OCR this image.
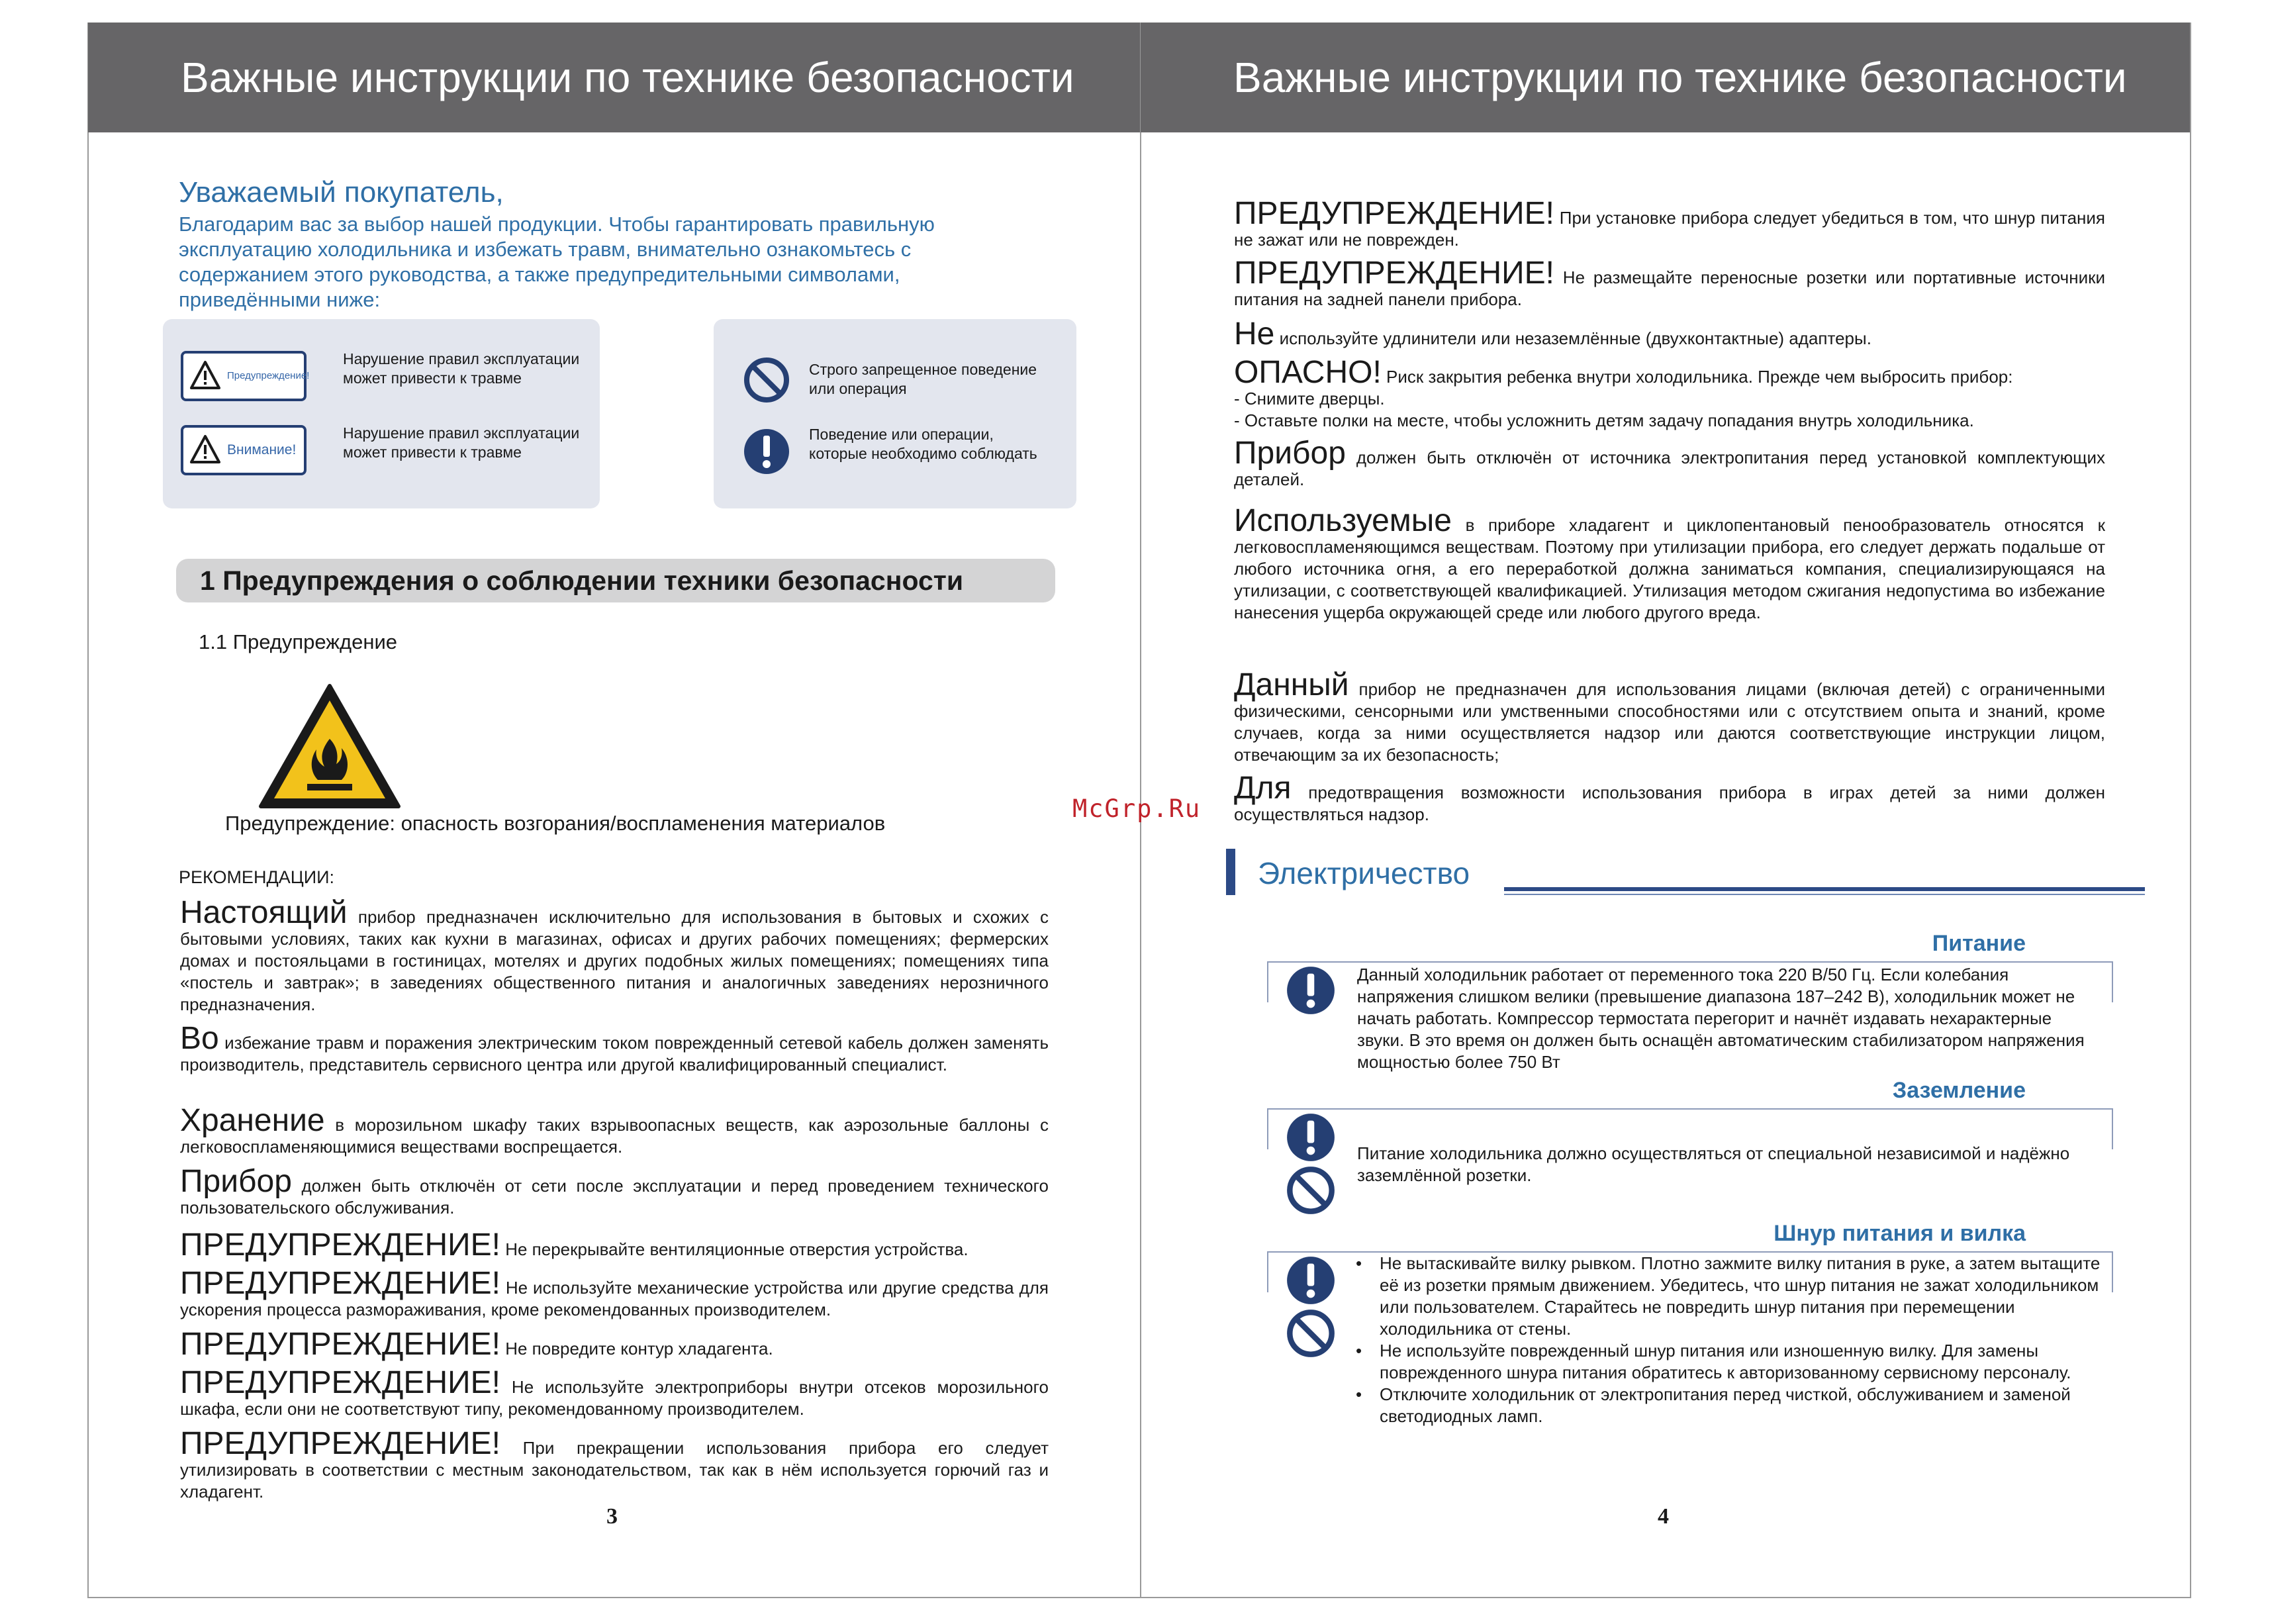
Важные инструкции по технике безопасности	Важные инструкции по технике безопасности
Уважаемый покупатель,
Благодарим вас за выбор нашей продукции. Чтобы гарантировать правильную эксплуатацию холодильника и избежать травм, внимательно ознакомьтесь с содержанием этого руководства, а также предупредительными символами, приведёнными ниже:
Предупреждение!
Нарушение правил эксплуатации может привести к травме
Внимание!
Нарушение правил эксплуатации может привести к травме
Строго запрещенное поведение или операция
Поведение или операции, которые необходимо соблюдать
1 Предупреждения о соблюдении техники безопасности
1.1 Предупреждение
Предупреждение: опасность возгорания/воспламенения материалов
РЕКОМЕНДАЦИИ:

Настоящий прибор предназначен исключительно для использования в бытовых и схожих с бытовыми условиях, таких как кухни в магазинах, офисах и других рабочих помещениях; фермерских домах и постояльцами в гостиницах, мотелях и других подобных жилых помещениях; помещениях типа «постель и завтрак»; в заведениях общественного питания и аналогичных заведениях нерозничного предназначения.

Во избежание травм и поражения электрическим током поврежденный сетевой кабель должен заменять производитель, представитель сервисного центра или другой квалифицированный специалист.

Хранение в морозильном шкафу таких взрывоопасных веществ, как аэрозольные баллоны с легковоспламеняющимися веществами воспрещается.

Прибор должен быть отключён от сети после эксплуатации и перед проведением технического пользовательского обслуживания.

ПРЕДУПРЕЖДЕНИЕ! Не перекрывайте вентиляционные отверстия устройства.

ПРЕДУПРЕЖДЕНИЕ! Не используйте механические устройства или другие средства для ускорения процесса размораживания, кроме рекомендованных производителем.

ПРЕДУПРЕЖДЕНИЕ! Не повредите контур хладагента.

ПРЕДУПРЕЖДЕНИЕ! Не используйте электроприборы внутри отсеков морозильного шкафа, если они не соответствуют типу, рекомендованному производителем.

ПРЕДУПРЕЖДЕНИЕ! При прекращении использования прибора его следует утилизировать в соответствии с местным законодательством, так как в нём используется горючий газ и хладагент.

3
McGrp.Ru

ПРЕДУПРЕЖДЕНИЕ! При установке прибора следует убедиться в том, что шнур питания не зажат или не поврежден.

ПРЕДУПРЕЖДЕНИЕ! Не размещайте переносные розетки или портативные источники питания на задней панели прибора.

Не используйте удлинители или незаземлённые (двухконтактные) адаптеры.

ОПАСНО! Риск закрытия ребенка внутри холодильника. Прежде чем выбросить прибор:
- Снимите дверцы.
- Оставьте полки на месте, чтобы усложнить детям задачу попадания внутрь холодильника.

Прибор должен быть отключён от источника электропитания перед установкой комплектующих деталей.

Используемые в приборе хладагент и циклопентановый пенообразователь относятся к легковоспламеняющимся веществам. Поэтому при утилизации прибора, его следует держать подальше от любого источника огня, а его переработкой должна заниматься компания, специализирующаяся на утилизации, с соответствующей квалификацией. Утилизация методом сжигания недопустима во избежание нанесения ущерба окружающей среде или любого другого вреда.

Данный прибор не предназначен для использования лицами (включая детей) с ограниченными физическими, сенсорными или умственными способностями или с отсутствием опыта и знаний, кроме случаев, когда за ними осуществляется надзор или даются соответствующие инструкции лицом, отвечающим за их безопасность;

Для предотвращения возможности использования прибора в играх детей за ними должен осуществляться надзор.

Электричество
Питание
Данный холодильник работает от переменного тока 220 В/50 Гц. Если колебания напряжения слишком велики (превышение диапазона 187–242 В), холодильник может не начать работать. Компрессор термостата перегорит и начнёт издавать нехарактерные звуки. В это время он должен быть оснащён автоматическим стабилизатором напряжения мощностью более 750 Вт
Заземление
Питание холодильника должно осуществляться от специальной независимой и надёжно заземлённой розетки.
Шнур питания и вилка
• Не вытаскивайте вилку рывком. Плотно зажмите вилку питания в руке, а затем вытащите её из розетки прямым движением. Убедитесь, что шнур питания не зажат холодильником или пользователем. Старайтесь не повредить шнур питания при перемещении холодильника от стены.
• Не используйте поврежденный шнур питания или изношенную вилку. Для замены поврежденного шнура питания обратитесь к авторизованному сервисному персоналу.
• Отключите холодильник от электропитания перед чисткой, обслуживанием и заменой светодиодных ламп.
4
